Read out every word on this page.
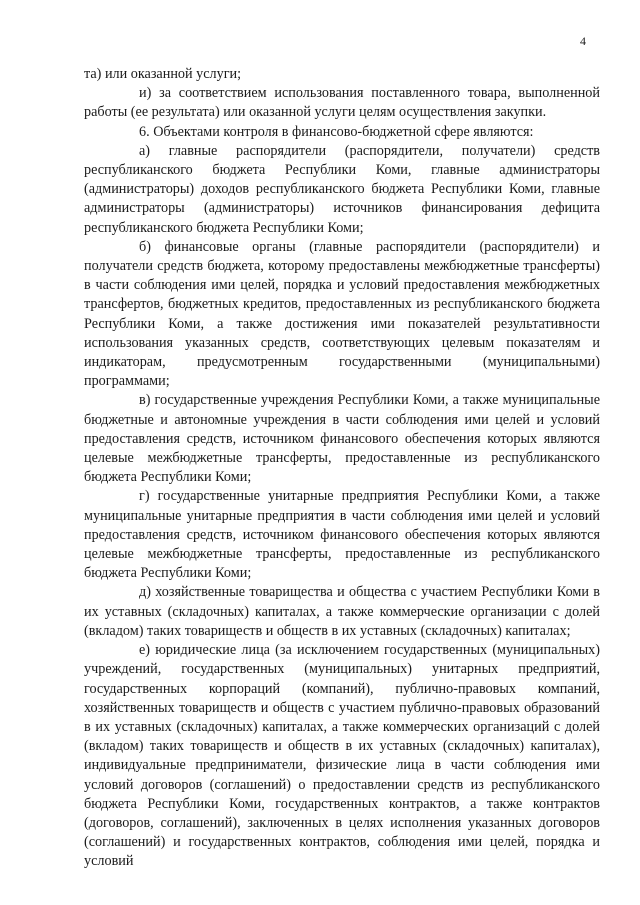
4

та) или оказанной услуги;

и) за соответствием использования поставленного товара, выполненной работы (ее результата) или оказанной услуги целям осуществления закупки.

6. Объектами контроля в финансово-бюджетной сфере являются:

а) главные распорядители (распорядители, получатели) средств республиканского бюджета Республики Коми, главные администраторы (администраторы) доходов республиканского бюджета Республики Коми, главные администраторы (администраторы) источников финансирования дефицита республиканского бюджета Республики Коми;

б) финансовые органы (главные распорядители (распорядители) и получатели средств бюджета, которому предоставлены межбюджетные трансферты) в части соблюдения ими целей, порядка и условий предоставления межбюджетных трансфертов, бюджетных кредитов, предоставленных из республиканского бюджета Республики Коми, а также достижения ими показателей результативности использования указанных средств, соответствующих целевым показателям и индикаторам, предусмотренным государственными (муниципальными) программами;

в) государственные учреждения Республики Коми, а также муниципальные бюджетные и автономные учреждения в части соблюдения ими целей и условий предоставления средств, источником финансового обеспечения которых являются целевые межбюджетные трансферты, предоставленные из республиканского бюджета Республики Коми;

г) государственные унитарные предприятия Республики Коми, а также муниципальные унитарные предприятия в части соблюдения ими целей и условий предоставления средств, источником финансового обеспечения которых являются целевые межбюджетные трансферты, предоставленные из республиканского бюджета Республики Коми;

д) хозяйственные товарищества и общества с участием Республики Коми в их уставных (складочных) капиталах, а также коммерческие организации с долей (вкладом) таких товариществ и обществ в их уставных (складочных) капиталах;

е) юридические лица (за исключением государственных (муниципальных) учреждений, государственных (муниципальных) унитарных предприятий, государственных корпораций (компаний), публично-правовых компаний, хозяйственных товариществ и обществ с участием публично-правовых образований в их уставных (складочных) капиталах, а также коммерческих организаций с долей (вкладом) таких товариществ и обществ в их уставных (складочных) капиталах), индивидуальные предприниматели, физические лица в части соблюдения ими условий договоров (соглашений) о предоставлении средств из республиканского бюджета Республики Коми, государственных контрактов, а также контрактов (договоров, соглашений), заключенных в целях исполнения указанных договоров (соглашений) и государственных контрактов, соблюдения ими целей, порядка и условий
